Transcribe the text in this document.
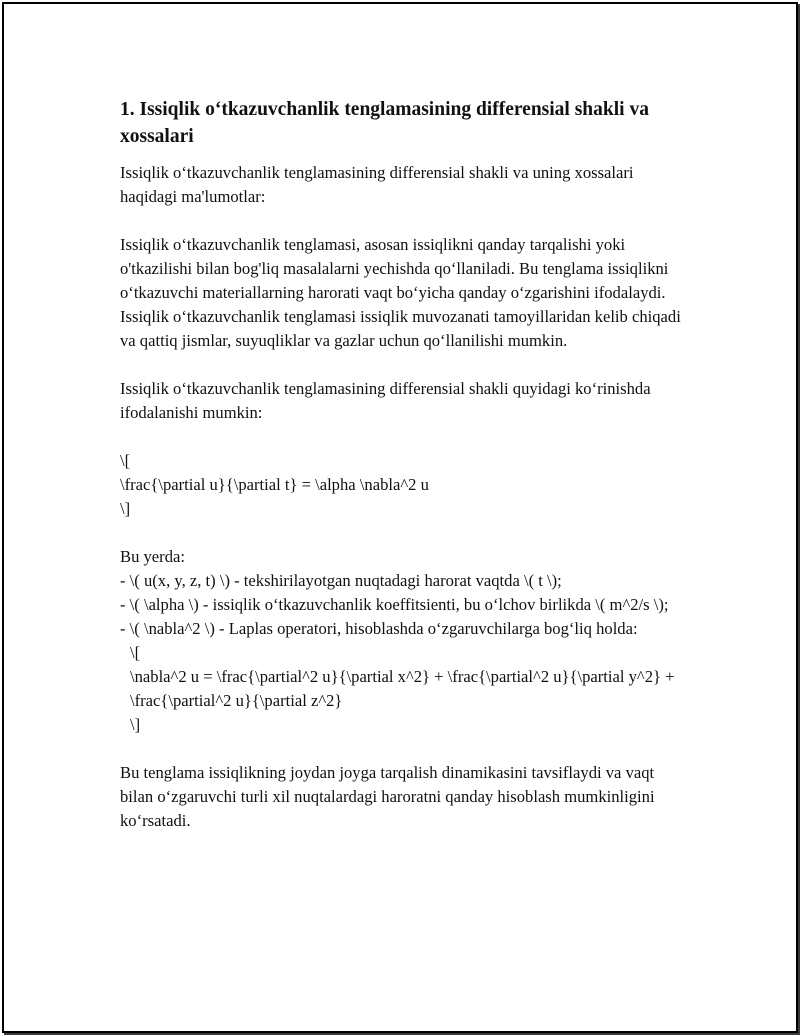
1. Issiqlik o‘tkazuvchanlik tenglamasining differensial shakli va xossalari

Issiqlik o‘tkazuvchanlik tenglamasining differensial shakli va uning xossalari haqidagi ma'lumotlar:

Issiqlik o‘tkazuvchanlik tenglamasi, asosan issiqlikni qanday tarqalishi yoki o'tkazilishi bilan bog'liq masalalarni yechishda qo‘llaniladi. Bu tenglama issiqlikni o‘tkazuvchi materiallarning harorati vaqt bo‘yicha qanday o‘zgarishini ifodalaydi. Issiqlik o‘tkazuvchanlik tenglamasi issiqlik muvozanati tamoyillaridan kelib chiqadi va qattiq jismlar, suyuqliklar va gazlar uchun qo‘llanilishi mumkin.

Issiqlik o‘tkazuvchanlik tenglamasining differensial shakli quyidagi ko‘rinishda ifodalanishi mumkin:

\[
\frac{\partial u}{\partial t} = \alpha \nabla^2 u
\]
Bu yerda:
- \( u(x, y, z, t) \) - tekshirilayotgan nuqtadagi harorat vaqtda \( t \);
- \( \alpha \) - issiqlik o‘tkazuvchanlik koeffitsienti, bu o‘lchov birlikda \( m^2/s \);
- \( \nabla^2 \) - Laplas operatori, hisoblashda o‘zgaruvchilarga bog‘liq holda:
\[
\nabla^2 u = \frac{\partial^2 u}{\partial x^2} + \frac{\partial^2 u}{\partial y^2} + \frac{\partial^2 u}{\partial z^2}
\]

Bu tenglama issiqlikning joydan joyga tarqalish dinamikasini tavsiflaydi va vaqt bilan o‘zgaruvchi turli xil nuqtalardagi haroratni qanday hisoblash mumkinligini ko‘rsatadi.
